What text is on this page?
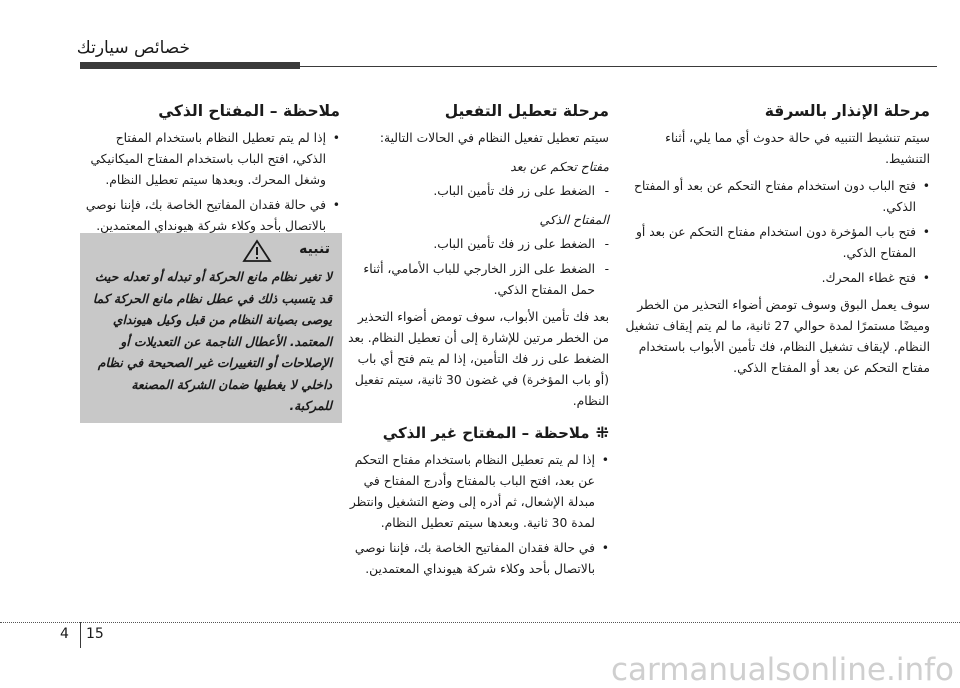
خصائص سيارتك
مرحلة الإنذار بالسرقة

سيتم تنشيط التنبيه في حالة حدوث أي مما يلي، أثناء التنشيط.

• فتح الباب دون استخدام مفتاح التحكم عن بعد أو المفتاح الذكي.
• فتح باب المؤخرة دون استخدام مفتاح التحكم عن بعد أو المفتاح الذكي.
• فتح غطاء المحرك.

سوف يعمل البوق وسوف تومض أضواء التحذير من الخطر وميضًا مستمرًا لمدة حوالي 27 ثانية، ما لم يتم إيقاف تشغيل النظام. لإيقاف تشغيل النظام، فك تأمين الأبواب باستخدام مفتاح التحكم عن بعد أو المفتاح الذكي.

مرحلة تعطيل التفعيل

سيتم تعطيل تفعيل النظام في الحالات التالية:

مفتاح تحكم عن بعد
- الضغط على زر فك تأمين الباب.
المفتاح الذكي
- الضغط على زر فك تأمين الباب.
- الضغط على الزر الخارجي للباب الأمامي، أثناء حمل المفتاح الذكي.

بعد فك تأمين الأبواب، سوف تومض أضواء التحذير من الخطر مرتين للإشارة إلى أن تعطيل النظام. بعد الضغط على زر فك التأمين، إذا لم يتم فتح أي باب (أو باب المؤخرة) في غضون 30 ثانية، سيتم تفعيل النظام.

⁜ملاحظة – المفتاح غير الذكي
• إذا لم يتم تعطيل النظام باستخدام مفتاح التحكم عن بعد، افتح الباب بالمفتاح وأدرج المفتاح في مبدلة الإشعال، ثم أدره إلى وضع التشغيل وانتظر لمدة 30 ثانية. وبعدها سيتم تعطيل النظام.
• في حالة فقدان المفاتيح الخاصة بك، فإننا نوصي بالاتصال بأحد وكلاء شركة هيونداي المعتمدين.
ملاحظة – المفتاح الذكي
• إذا لم يتم تعطيل النظام باستخدام المفتاح الذكي، افتح الباب باستخدام المفتاح الميكانيكي وشغل المحرك. وبعدها سيتم تعطيل النظام.
• في حالة فقدان المفاتيح الخاصة بك، فإننا نوصي بالاتصال بأحد وكلاء شركة هيونداي المعتمدين.
تنبيه
لا تغير نظام مانع الحركة أو تبدله أو تعدله حيث قد يتسبب ذلك في عطل نظام مانع الحركة كما يوصى بصيانة النظام من قبل وكيل هيونداي المعتمد. الأعطال الناجمة عن التعديلات أو الإصلاحات أو التغييرات غير الصحيحة في نظام داخلي لا يغطيها ضمان الشركة المصنعة للمركبة.
4 15
carmanualsonline.info
